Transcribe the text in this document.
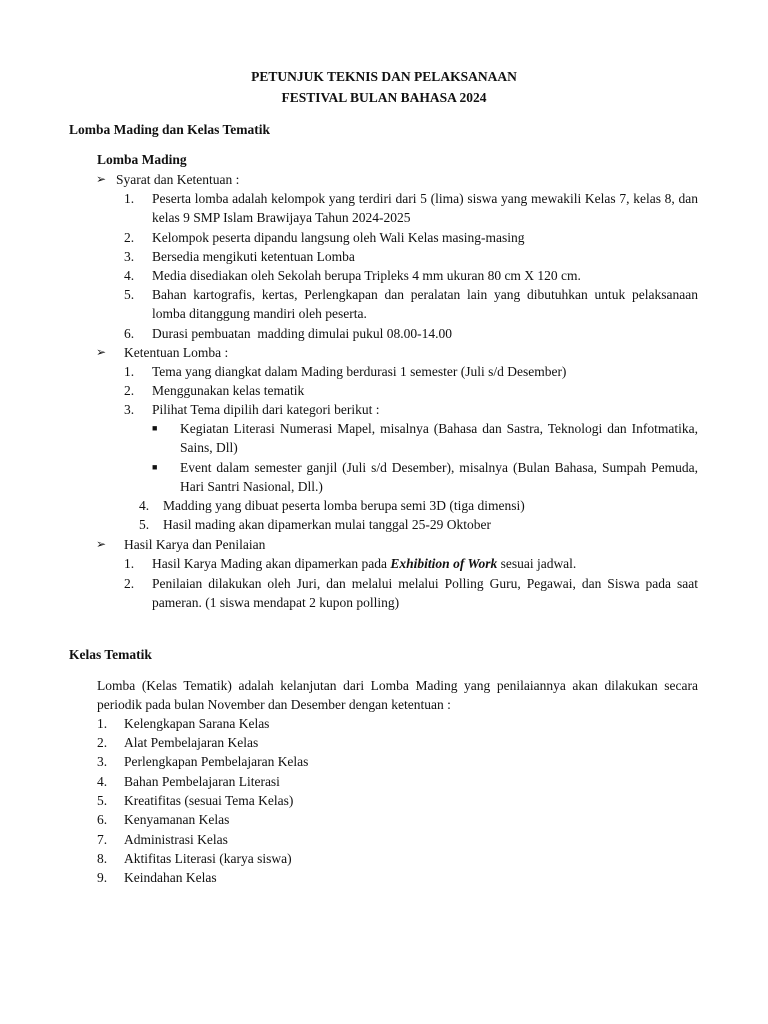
PETUNJUK TEKNIS DAN PELAKSANAAN
FESTIVAL BULAN BAHASA 2024
Lomba Mading dan Kelas Tematik
Lomba Mading
➢ Syarat dan Ketentuan :
1.	Peserta lomba adalah kelompok yang terdiri dari 5 (lima) siswa yang mewakili Kelas 7, kelas 8, dan kelas 9 SMP Islam Brawijaya Tahun 2024-2025
2.	Kelompok peserta dipandu langsung oleh Wali Kelas masing-masing
3.	Bersedia mengikuti ketentuan Lomba
4.	Media disediakan oleh Sekolah berupa Tripleks 4 mm ukuran 80 cm X 120 cm.
5.	Bahan kartografis, kertas, Perlengkapan dan peralatan lain yang dibutuhkan untuk pelaksanaan lomba ditanggung mandiri oleh peserta.
6.	Durasi pembuatan  madding dimulai pukul 08.00-14.00
➢	Ketentuan Lomba :
1.	Tema yang diangkat dalam Mading berdurasi 1 semester (Juli s/d Desember)
2.	Menggunakan kelas tematik
3.	Pilihat Tema dipilih dari kategori berikut :
■	Kegiatan Literasi Numerasi Mapel, misalnya (Bahasa dan Sastra, Teknologi dan Infotmatika, Sains, Dll)
■	Event dalam semester ganjil (Juli s/d Desember), misalnya (Bulan Bahasa, Sumpah Pemuda, Hari Santri Nasional, Dll.)
4.	Madding yang dibuat peserta lomba berupa semi 3D (tiga dimensi)
5.	Hasil mading akan dipamerkan mulai tanggal 25-29 Oktober
➢	Hasil Karya dan Penilaian
1.	Hasil Karya Mading akan dipamerkan pada Exhibition of Work sesuai jadwal.
2.	Penilaian dilakukan oleh Juri, dan melalui melalui Polling Guru, Pegawai, dan Siswa pada saat pameran. (1 siswa mendapat 2 kupon polling)
Kelas Tematik
Lomba (Kelas Tematik) adalah kelanjutan dari Lomba Mading yang penilaiannya akan dilakukan secara periodik pada bulan November dan Desember dengan ketentuan :
1.	Kelengkapan Sarana Kelas
2.	Alat Pembelajaran Kelas
3.	Perlengkapan Pembelajaran Kelas
4.	Bahan Pembelajaran Literasi
5.	Kreatifitas (sesuai Tema Kelas)
6.	Kenyamanan Kelas
7.	Administrasi Kelas
8.	Aktifitas Literasi (karya siswa)
9.	Keindahan Kelas
